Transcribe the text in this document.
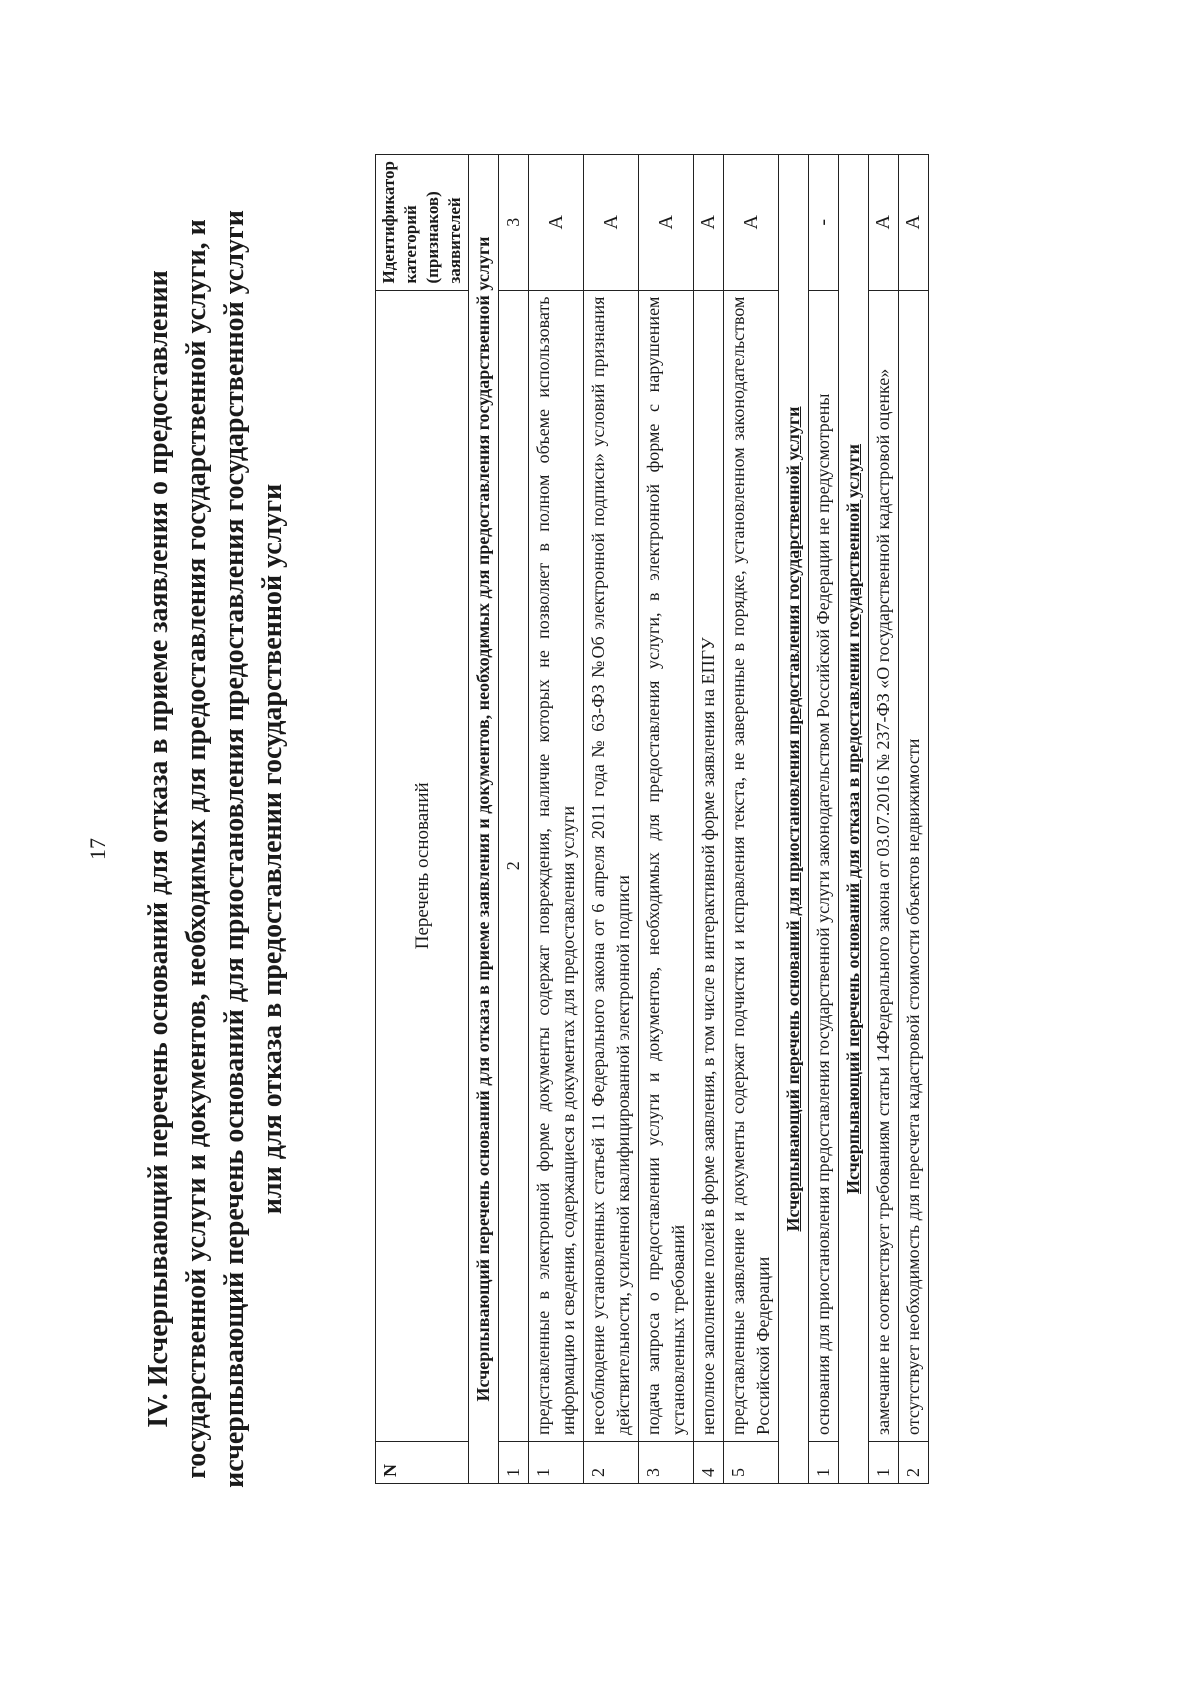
17 IV. Исчерпывающий перечень оснований для отказа в приеме заявления о предоставлении государственной услуги и документов, необходимых для предоставления государственной услуги, и исчерпывающий перечень оснований для приостановления предоставления государственной услуги или для отказа в предоставлении государственной услуги
N	Перечень оснований	Идентификатор категорий (признаков) заявителей
Исчерпывающий перечень оснований для отказа в приеме заявления и документов, необходимых для предоставления государственной услуги		
1	2	3
1	представленные в электронной форме документы содержат повреждения, наличие которых не позволяет в полном объеме использовать информацию и сведения, содержащиеся в документах для предоставления услуги	А
2	несоблюдение установленных статьей 11 Федерального закона от 6 апреля 2011 года № 63-ФЗ №Об электронной подписи» условий признания действительности, усиленной квалифицированной электронной подписи	А
3	подача запроса о предоставлении услуги и документов, необходимых для предоставления услуги, в электронной форме с нарушением установленных требований	А
4	неполное заполнение полей в форме заявления, в том числе в интерактивной форме заявления на ЕПГУ	А
5	представленные заявление и документы содержат подчистки и исправления текста, не заверенные в порядке, установленном законодательством Российской Федерации	А
Исчерпывающий перечень оснований для приостановления предоставления государственной услуги		
1	основания для приостановления предоставления государственной услуги законодательством Российской Федерации не предусмотрены	-
Исчерпывающий перечень оснований для отказа в предоставлении государственной услуги		
1	замечание не соответствует требованиям статьи 14Федерального закона от 03.07.2016 № 237-ФЗ «О государственной кадастровой оценке»	А
2	отсутствует необходимость для пересчета кадастровой стоимости объектов недвижимости	А
